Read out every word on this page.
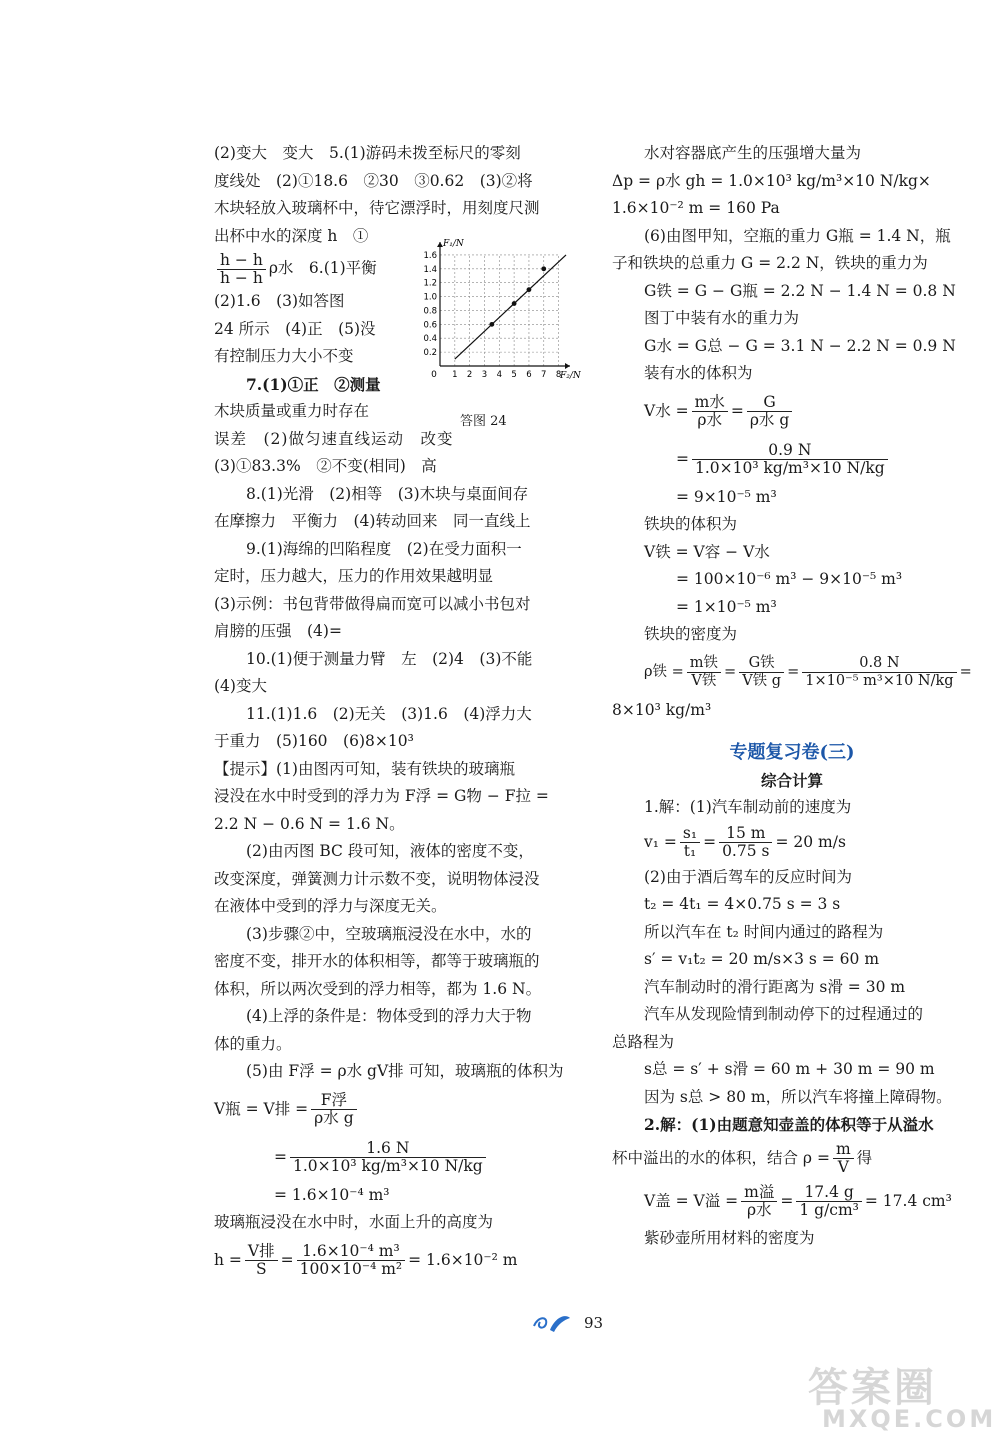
(2)变大　变大　5.(1)游码未拨至标尺的零刻
度线处　(2)①18.6　②30　③0.62　(3)②将
木块轻放入玻璃杯中，待它漂浮时，用刻度尺测
出杯中水的深度 h　①
$\frac{h - h}{h - h}$ ρ水　6.(1)平衡
(2)1.6　(3)如答图
24 所示　(4)正　(5)没
有控制压力大小不变
7.(1)①正　②测量
木块质量或重力时存在
误差　(2)做匀速直线运动　改变
(3)①83.3%　②不变(相同)　高
8.(1)光滑　(2)相等　(3)木块与桌面间存
在摩擦力　平衡力　(4)转动回来　同一直线上
9.(1)海绵的凹陷程度　(2)在受力面积一
定时，压力越大，压力的作用效果越明显
(3)示例：书包背带做得扁而宽可以减小书包对
肩膀的压强　(4)=
10.(1)便于测量力臂　左　(2)4　(3)不能
(4)变大
11.(1)1.6　(2)无关　(3)1.6　(4)浮力大
于重力　(5)160　(6)8×10³
【提示】(1)由图丙可知，装有铁块的玻璃瓶
浸没在水中时受到的浮力为 F浮 = G物 − F拉 =
2.2 N − 0.6 N = 1.6 N。
(2)由丙图 BC 段可知，液体的密度不变，
改变深度，弹簧测力计示数不变，说明物体浸没
在液体中受到的浮力与深度无关。
(3)步骤②中，空玻璃瓶浸没在水中，水的
密度不变，排开水的体积相等，都等于玻璃瓶的
体积，所以两次受到的浮力相等，都为 1.6 N。
(4)上浮的条件是：物体受到的浮力大于物
体的重力。
(5)由 F浮 = ρ水 gV排 可知，玻璃瓶的体积为
V瓶 = V排 = $\frac{\text{F浮}}{\text{ρ水 g}}$
= $\frac{1.6 N}{\text{1.0×10³ kg/m³×10 N/kg}}$
= 1.6×10⁻⁴ m³
玻璃瓶浸没在水中时，水面上升的高度为
$h = \frac{\text{V排}}{S} = \frac{\text{1.6×10⁻⁴ m³}}{\text{100×10⁻⁴ m²}} = 1.6\times 10^{-2}$ m
1 2 3 4 5 6 7 8
0.2
0.4
0.6
0.8
1.0
1.2
1.4
1.6
0
F₁/N
F₂/N
答图 24
水对容器底产生的压强增大量为
Δp = ρ水 gh = 1.0×10³ kg/m³×10 N/kg×
1.6×10⁻² m = 160 Pa
(6)由图甲知，空瓶的重力 G瓶 = 1.4 N，瓶
子和铁块的总重力 G = 2.2 N，铁块的重力为
G铁 = G − G瓶 = 2.2 N − 1.4 N = 0.8 N
图丁中装有水的重力为
G水 = G总 − G = 3.1 N − 2.2 N = 0.9 N
装有水的体积为
V水 = $\frac{\text{m水}}{\text{ρ水}} = \frac{G}{\text{ρ水 g}}$
= $\frac{0.9 N}{\text{1.0×10³ kg/m³×10 N/kg}}$
= 9×10⁻⁵ m³
铁块的体积为
V铁 = V容 − V水
= 100×10⁻⁶ m³ − 9×10⁻⁵ m³
= 1×10⁻⁵ m³
铁块的密度为
ρ铁 = $\frac{\text{m铁}}{\text{V铁}} = \frac{\text{G铁}}{\text{V铁 g}} = \frac{0.8 N}{\text{1×10⁻⁵ m³×10 N/kg}}$ =
8×10³ kg/m³
专题复习卷(三)
综合计算
1.解：(1)汽车制动前的速度为
$v_1 = \frac{\text{s₁}}{\text{t₁}} = \frac{15 m}{0.75 s} = 20$ m/s
(2)由于酒后驾车的反应时间为
t₂ = 4t₁ = 4×0.75 s = 3 s
所以汽车在 t₂ 时间内通过的路程为
s′ = v₁t₂ = 20 m/s×3 s = 60 m
汽车制动时的滑行距离为 s滑 = 30 m
汽车从发现险情到制动停下的过程通过的
总路程为
s总 = s′ + s滑 = 60 m + 30 m = 90 m
因为 s总 > 80 m，所以汽车将撞上障碍物。
2.解：(1)由题意知壶盖的体积等于从溢水
杯中溢出的水的体积，结合 $\rho = \frac{m}{V}$ 得
V盖 = V溢 = $\frac{\text{m溢}}{\text{ρ水}} = \frac{17.4 g}{\text{1 g/cm³}} = 17.4$ cm³
紫砂壶所用材料的密度为
93
答案圈
MXQE.COM
